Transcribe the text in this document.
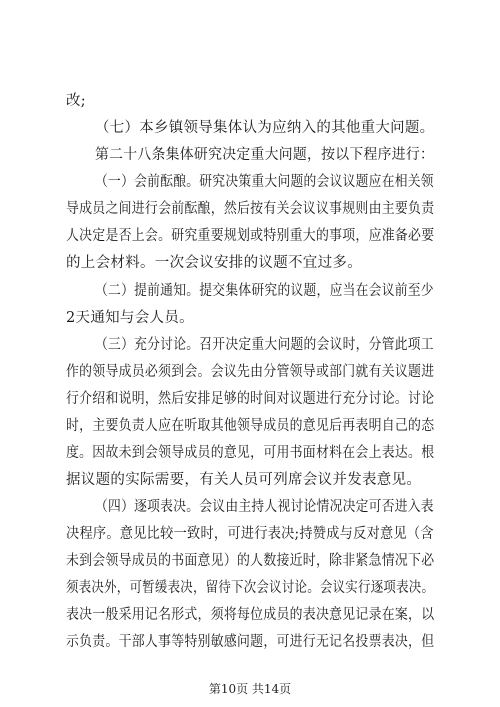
改;
（七）本乡镇领导集体认为应纳入的其他重大问题。
第二十八条集体研究决定重大问题，按以下程序进行：
（一）会前酝酿。研究决策重大问题的会议议题应在相关领
导成员之间进行会前酝酿，然后按有关会议议事规则由主要负责
人决定是否上会。研究重要规划或特别重大的事项，应准备必要
的上会材料。一次会议安排的议题不宜过多。
（二）提前通知。提交集体研究的议题，应当在会议前至少
2天通知与会人员。
（三）充分讨论。召开决定重大问题的会议时，分管此项工
作的领导成员必须到会。会议先由分管领导或部门就有关议题进
行介绍和说明，然后安排足够的时间对议题进行充分讨论。讨论
时，主要负责人应在听取其他领导成员的意见后再表明自己的态
度。因故未到会领导成员的意见，可用书面材料在会上表达。根
据议题的实际需要，有关人员可列席会议并发表意见。
（四）逐项表决。会议由主持人视讨论情况决定可否进入表
决程序。意见比较一致时，可进行表决;持赞成与反对意见（含
未到会领导成员的书面意见）的人数接近时，除非紧急情况下必
须表决外，可暂缓表决，留待下次会议讨论。会议实行逐项表决。
表决一般采用记名形式，须将每位成员的表决意见记录在案，以
示负责。干部人事等特别敏感问题，可进行无记名投票表决，但
第10页 共14页
